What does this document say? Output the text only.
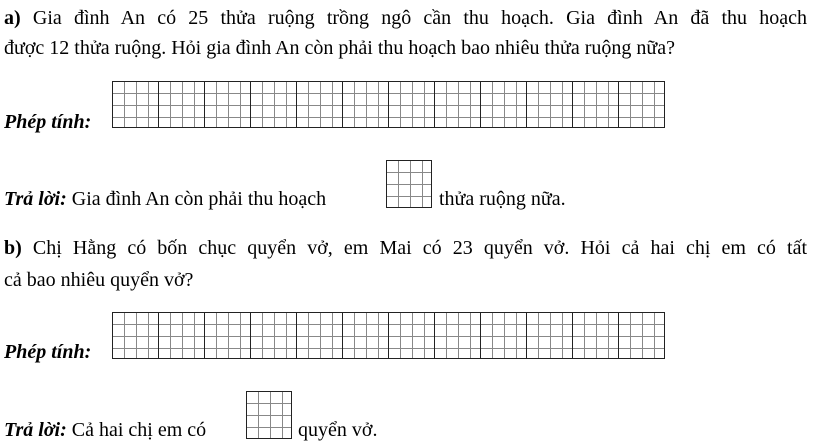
a) Gia đình An có 25 thửa ruộng trồng ngô cần thu hoạch. Gia đình An đã thu hoạch
được 12 thửa ruộng. Hỏi gia đình An còn phải thu hoạch bao nhiêu thửa ruộng nữa?
Phép tính:
Trả lời: Gia đình An còn phải thu hoạch	thửa ruộng nữa.
b) Chị Hằng có bốn chục quyển vở, em Mai có 23 quyển vở. Hỏi cả hai chị em có tất
cả bao nhiêu quyển vở?
Phép tính:
Trả lời: Cả hai chị em có	quyển vở.
